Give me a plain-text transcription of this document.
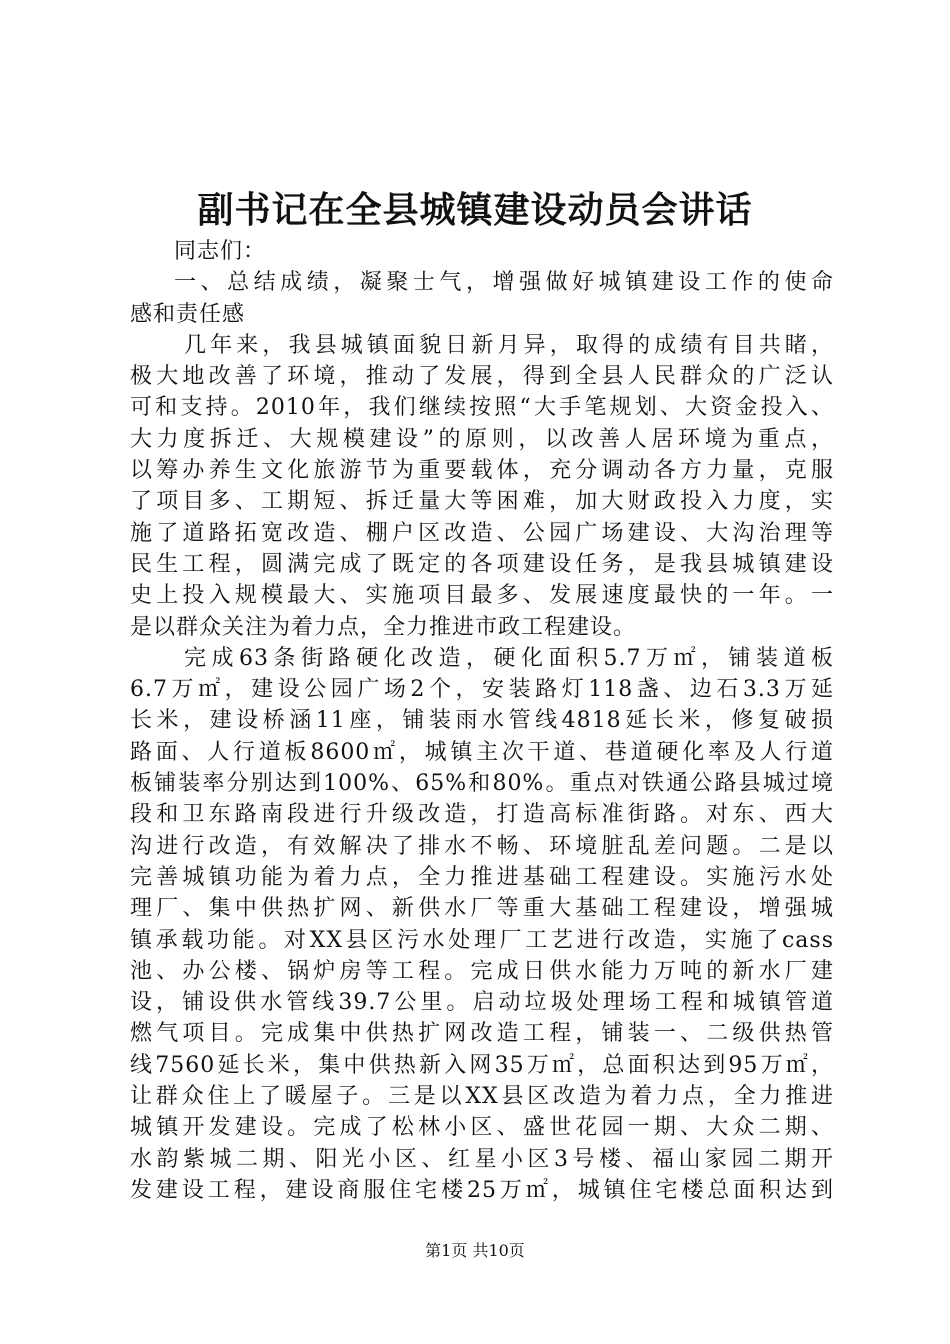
副书记在全县城镇建设动员会讲话
同志们：
一、总结成绩，凝聚士气，增强做好城镇建设工作的使命
感和责任感
几年来，我县城镇面貌日新月异，取得的成绩有目共睹，
极大地改善了环境，推动了发展，得到全县人民群众的广泛认
可和支持。2010年，我们继续按照“大手笔规划、大资金投入、
大力度拆迁、大规模建设”的原则，以改善人居环境为重点，
以筹办养生文化旅游节为重要载体，充分调动各方力量，克服
了项目多、工期短、拆迁量大等困难，加大财政投入力度，实
施了道路拓宽改造、棚户区改造、公园广场建设、大沟治理等
民生工程，圆满完成了既定的各项建设任务，是我县城镇建设
史上投入规模最大、实施项目最多、发展速度最快的一年。一
是以群众关注为着力点，全力推进市政工程建设。
完成63条街路硬化改造，硬化面积5.7万㎡，铺装道板
6.7万㎡，建设公园广场2个，安装路灯118盏、边石3.3万延
长米，建设桥涵11座，铺装雨水管线4818延长米，修复破损
路面、人行道板8600㎡，城镇主次干道、巷道硬化率及人行道
板铺装率分别达到100%、65%和80%。重点对铁通公路县城过境
段和卫东路南段进行升级改造，打造高标准街路。对东、西大
沟进行改造，有效解决了排水不畅、环境脏乱差问题。二是以
完善城镇功能为着力点，全力推进基础工程建设。实施污水处
理厂、集中供热扩网、新供水厂等重大基础工程建设，增强城
镇承载功能。对XX县区污水处理厂工艺进行改造，实施了cass
池、办公楼、锅炉房等工程。完成日供水能力万吨的新水厂建
设，铺设供水管线39.7公里。启动垃圾处理场工程和城镇管道
燃气项目。完成集中供热扩网改造工程，铺装一、二级供热管
线7560延长米，集中供热新入网35万㎡，总面积达到95万㎡，
让群众住上了暖屋子。三是以XX县区改造为着力点，全力推进
城镇开发建设。完成了松林小区、盛世花园一期、大众二期、
水韵紫城二期、阳光小区、红星小区3号楼、福山家园二期开
发建设工程，建设商服住宅楼25万㎡，城镇住宅楼总面积达到
第1页 共10页
